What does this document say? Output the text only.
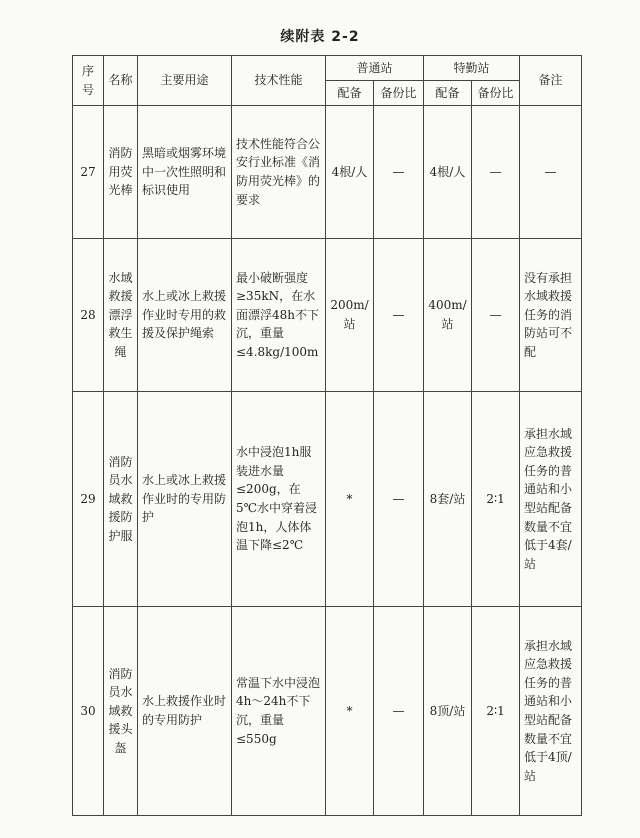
续附表 2-2
序号	名称	主要用途	技术性能	普通站		特勤站		备注
				配备	备份比	配备	备份比	
27	消防用荧光棒	黑暗或烟雾环境中一次性照明和标识使用	技术性能符合公安行业标准《消防用荧光棒》的要求	4根/人	—	4根/人	—	—
28	水域救援漂浮救生绳	水上或冰上救援作业时专用的救援及保护绳索	最小破断强度≥35kN，在水面漂浮48h不下沉，重量≤4.8kg/100m	200m/站	—	400m/站	—	没有承担水域救援任务的消防站可不配
29	消防员水域救援防护服	水上或冰上救援作业时的专用防护	水中浸泡1h服装进水量≤200g，在5℃水中穿着浸泡1h，人体体温下降≤2℃	*	—	8套/站	2∶1	承担水域应急救援任务的普通站和小型站配备数量不宜低于4套/站
30	消防员水域救援头盔	水上救援作业时的专用防护	常温下水中浸泡4h～24h不下沉，重量≤550g	*	—	8顶/站	2∶1	承担水域应急救援任务的普通站和小型站配备数量不宜低于4顶/站
